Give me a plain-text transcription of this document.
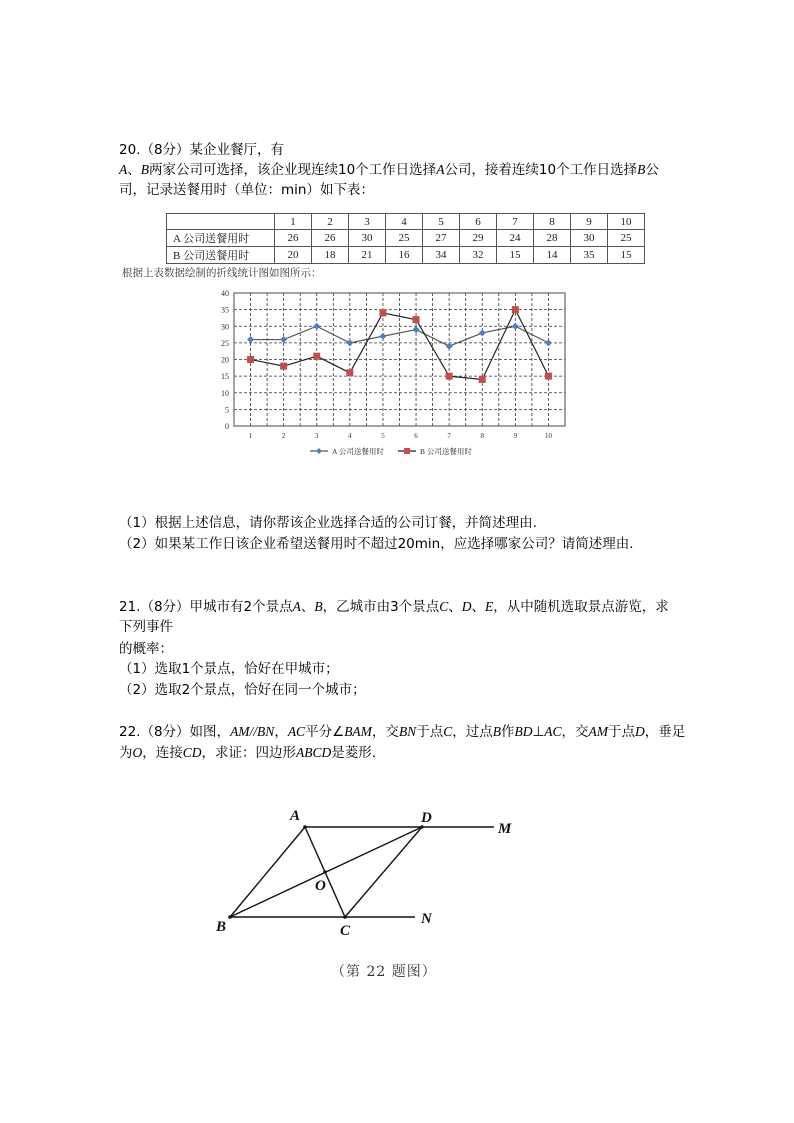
20.（8分）某企业餐厅，有
A、B两家公司可选择，该企业现连续10个工作日选择A公司，接着连续10个工作日选择B公
司，记录送餐用时（单位：min）如下表：
	1	2	3	4	5	6	7	8	9	10
A 公司送餐用时	26	26	30	25	27	29	24	28	30	25
B 公司送餐用时	20	18	21	16	34	32	15	14	35	15
根据上表数据绘制的折线统计图如图所示：
0
5
10
15
20
25
30
35
40
1	2	3	4	5	6	7	8	9	10
A 公司送餐用时	B 公司送餐用时
（1）根据上述信息，请你帮该企业选择合适的公司订餐，并简述理由.
（2）如果某工作日该企业希望送餐用时不超过20min，应选择哪家公司？请简述理由.
21.（8分）甲城市有2个景点A、B，乙城市由3个景点C、D、E，从中随机选取景点游览，求
下列事件
的概率：
（1）选取1个景点，恰好在甲城市；
（2）选取2个景点，恰好在同一个城市；
22.（8分）如图，AM//BN，AC平分∠BAM，交BN于点C，过点B作BD⊥AC，交AM于点D，垂足
为O，连接CD，求证：四边形ABCD是菱形.
A	D
M
O
B	C
N
（第 22 题图）
